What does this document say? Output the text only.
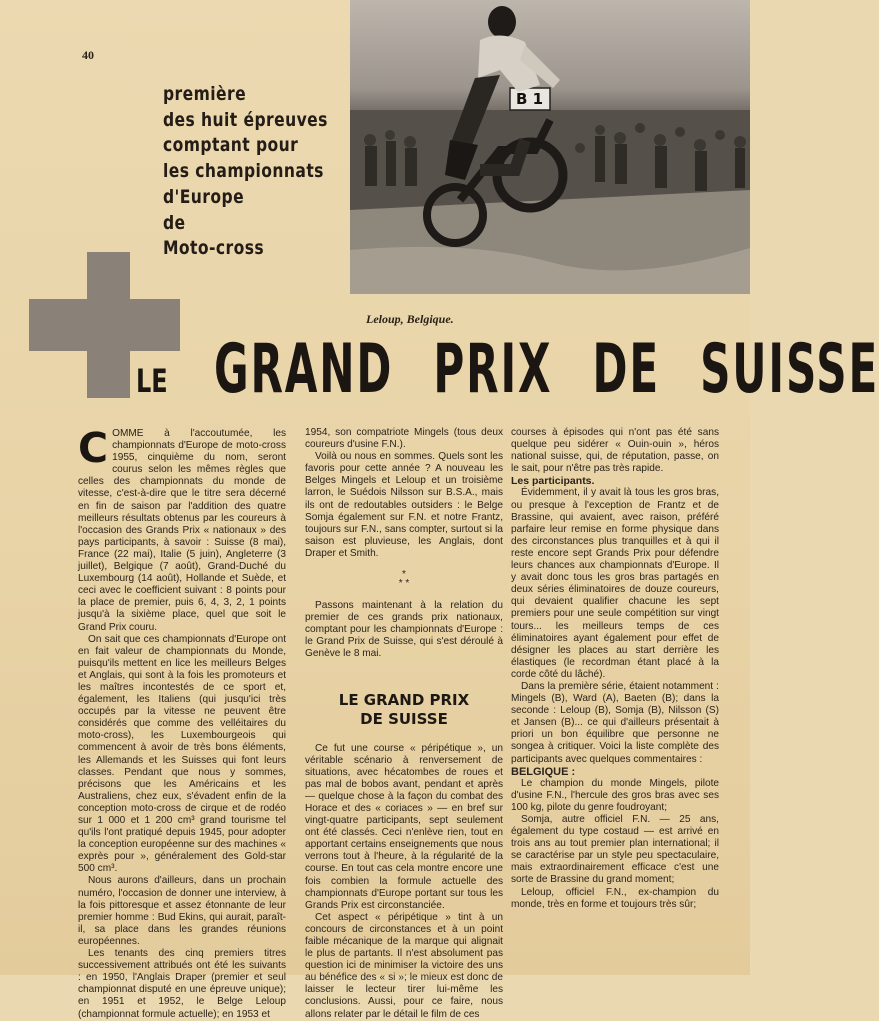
40
première
des huit épreuves
comptant pour
les championnats
d'Europe
de
Moto-cross
B 1
Leloup, Belgique.
LE GRAND PRIX DE SUISSE

COMME à l'accoutumée, les championnats d'Europe de moto-cross 1955, cinquième du nom, seront courus selon les mêmes règles que celles des championnats du monde de vitesse, c'est-à-dire que le titre sera décerné en fin de saison par l'addition des quatre meilleurs résultats obtenus par les coureurs à l'occasion des Grands Prix « nationaux » des pays participants, à savoir : Suisse (8 mai), France (22 mai), Italie (5 juin), Angleterre (3 juillet), Belgique (7 août), Grand-Duché du Luxembourg (14 août), Hollande et Suède, et ceci avec le coefficient suivant : 8 points pour la place de premier, puis 6, 4, 3, 2, 1 points jusqu'à la sixième place, quel que soit le Grand Prix couru.

On sait que ces championnats d'Europe ont en fait valeur de championnats du Monde, puisqu'ils mettent en lice les meilleurs Belges et Anglais, qui sont à la fois les promoteurs et les maîtres incontestés de ce sport et, également, les Italiens (qui jusqu'ici très occupés par la vitesse ne peuvent être considérés que comme des velléitaires du moto-cross), les Luxembourgeois qui commencent à avoir de très bons éléments, les Allemands et les Suisses qui font leurs classes. Pendant que nous y sommes, précisons que les Américains et les Australiens, chez eux, s'évadent enfin de la conception moto-cross de cirque et de rodéo sur 1 000 et 1 200 cm³ grand tourisme tel qu'ils l'ont pratiqué depuis 1945, pour adopter la conception européenne sur des machines « exprès pour », généralement des Gold-star 500 cm³.

Nous aurons d'ailleurs, dans un prochain numéro, l'occasion de donner une interview, à la fois pittoresque et assez étonnante de leur premier homme : Bud Ekins, qui aurait, paraît-il, sa place dans les grandes réunions européennes.

Les tenants des cinq premiers titres successivement attribués ont été les suivants : en 1950, l'Anglais Draper (premier et seul championnat disputé en une épreuve unique); en 1951 et 1952, le Belge Leloup (championnat formule actuelle); en 1953 et

1954, son compatriote Mingels (tous deux coureurs d'usine F.N.).

Voilà ou nous en sommes. Quels sont les favoris pour cette année ? A nouveau les Belges Mingels et Leloup et un troisième larron, le Suédois Nilsson sur B.S.A., mais ils ont de redoutables outsiders : le Belge Somja également sur F.N. et notre Frantz, toujours sur F.N., sans compter, surtout si la saison est pluvieuse, les Anglais, dont Draper et Smith.

*
* *

Passons maintenant à la relation du premier de ces grands prix nationaux, comptant pour les championnats d'Europe : le Grand Prix de Suisse, qui s'est déroulé à Genève le 8 mai.

LE GRAND PRIX
DE SUISSE

Ce fut une course « péripétique », un véritable scénario à renversement de situations, avec hécatombes de roues et pas mal de bobos avant, pendant et après — quelque chose à la façon du combat des Horace et des « coriaces » — en bref sur vingt-quatre participants, sept seulement ont été classés. Ceci n'enlève rien, tout en apportant certains enseignements que nous verrons tout à l'heure, à la régularité de la course. En tout cas cela montre encore une fois combien la formule actuelle des championnats d'Europe portant sur tous les Grands Prix est circonstanciée.

Cet aspect « péripétique » tint à un concours de circonstances et à un point faible mécanique de la marque qui alignait le plus de partants. Il n'est absolument pas question ici de minimiser la victoire des uns au bénéfice des « si »; le mieux est donc de laisser le lecteur tirer lui-même les conclusions. Aussi, pour ce faire, nous allons relater par le détail le film de ces

courses à épisodes qui n'ont pas été sans quelque peu sidérer « Ouin-ouin », héros national suisse, qui, de réputation, passe, on le sait, pour n'être pas très rapide.

Les participants.

Évidemment, il y avait là tous les gros bras, ou presque à l'exception de Frantz et de Brassine, qui avaient, avec raison, préféré parfaire leur remise en forme physique dans des circonstances plus tranquilles et à qui il reste encore sept Grands Prix pour défendre leurs chances aux championnats d'Europe. Il y avait donc tous les gros bras partagés en deux séries éliminatoires de douze coureurs, qui devaient qualifier chacune les sept premiers pour une seule compétition sur vingt tours... les meilleurs temps de ces éliminatoires ayant également pour effet de désigner les places au start derrière les élastiques (le recordman étant placé à la corde côté du lâché).

Dans la première série, étaient notamment : Mingels (B), Ward (A), Baeten (B); dans la seconde : Leloup (B), Somja (B), Nilsson (S) et Jansen (B)... ce qui d'ailleurs présentait à priori un bon équilibre que personne ne songea à critiquer. Voici la liste complète des participants avec quelques commentaires :

BELGIQUE :

Le champion du monde Mingels, pilote d'usine F.N., l'hercule des gros bras avec ses 100 kg, pilote du genre foudroyant;

Somja, autre officiel F.N. — 25 ans, également du type costaud — est arrivé en trois ans au tout premier plan international; il se caractérise par un style peu spectaculaire, mais extraordinairement efficace c'est une sorte de Brassine du grand moment;

Leloup, officiel F.N., ex-champion du monde, très en forme et toujours très sûr;
